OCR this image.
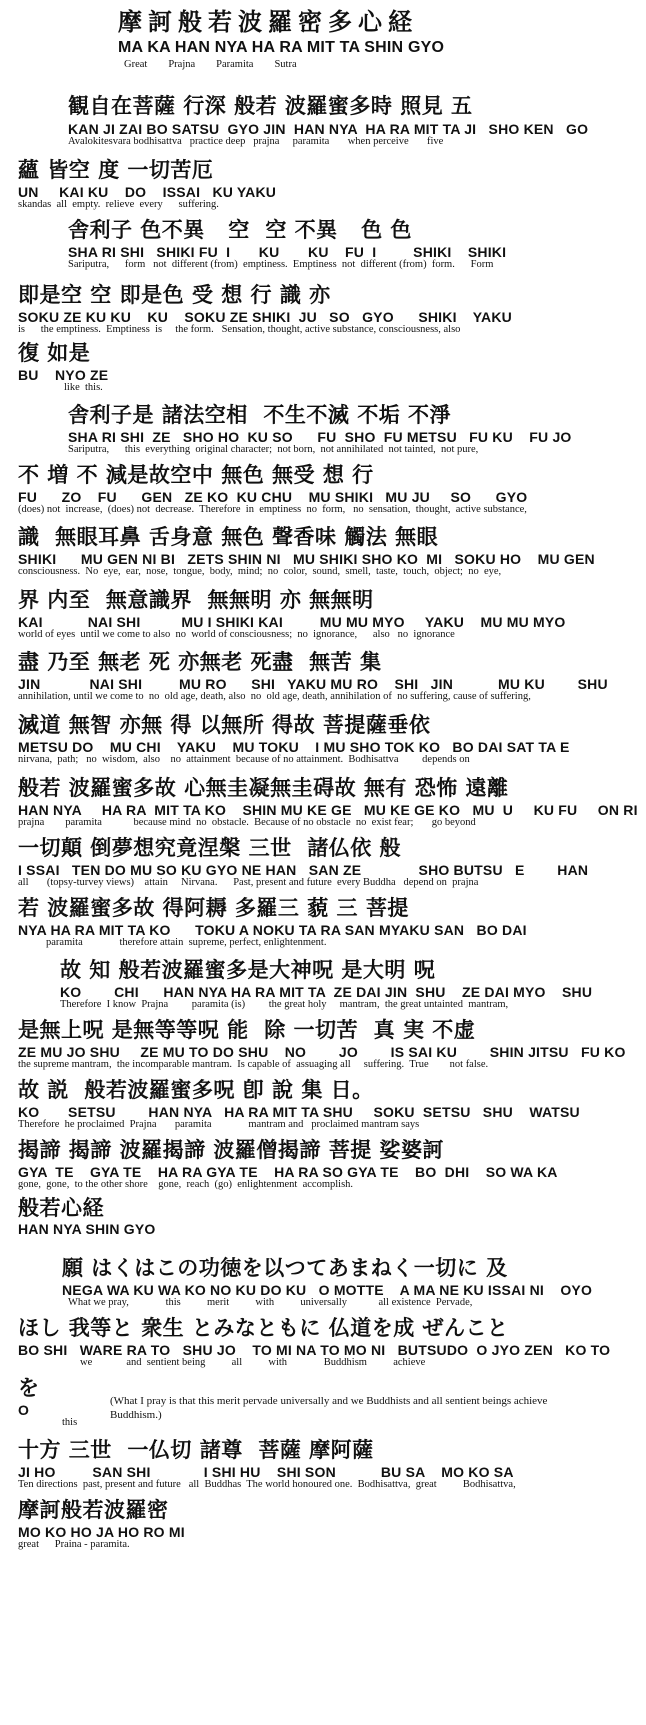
摩訶般若波羅密多心経
MA KA HAN NYA HA RA MIT TA SHIN GYO
Great        Prajna        Paramita        Sutra
観自在菩薩 行深 般若 波羅蜜多時 照見 五
KAN JI ZAI BO SATSU  GYO JIN  HAN NYA  HA RA MIT TA JI   SHO KEN   GO
Avalokitesvara bodhisattva   practice deep   prajna     paramita       when perceive       five
蘊 皆空 度 一切苦厄
UN     KAI KU    DO    ISSAI   KU YAKU
skandas  all  empty.  relieve  every      suffering.
舎利子 色不異   空  空 不異   色 色
SHA RI SHI   SHIKI FU  I       KU       KU    FU  I         SHIKI    SHIKI
Sariputra,      form   not  different (from)  emptiness.  Emptiness  not  different (from)  form.      Form
即是空 空 即是色 受 想 行 識 亦
SOKU ZE KU KU    KU    SOKU ZE SHIKI  JU   SO   GYO      SHIKI    YAKU
is      the emptiness.  Emptiness  is     the form.   Sensation, thought, active substance, consciousness, also
復 如是
BU    NYO ZE
like  this.
舎利子是 諸法空相  不生不滅 不垢 不淨
SHA RI SHI  ZE   SHO HO  KU SO      FU  SHO  FU METSU   FU KU    FU JO
Sariputra,      this  everything  original character;  not born,  not annihilated  not tainted,  not pure,
不 増 不 減是故空中 無色 無受 想 行
FU      ZO    FU      GEN   ZE KO  KU CHU    MU SHIKI   MU JU     SO      GYO
(does) not  increase,  (does) not  decrease.  Therefore  in  emptiness  no  form,   no  sensation,  thought,  active substance,
識  無眼耳鼻 舌身意 無色 聲香味 觸法 無眼
SHIKI      MU GEN NI BI   ZETS SHIN NI   MU SHIKI SHO KO  MI   SOKU HO    MU GEN
consciousness.  No  eye,  ear,  nose,  tongue,  body,  mind;  no  color,  sound,  smell,  taste,  touch,  object;  no  eye,
界 内至  無意識界  無無明 亦 無無明
KAI           NAI SHI          MU I SHIKI KAI         MU MU MYO     YAKU    MU MU MYO
world of eyes  until we come to also  no  world of consciousness;  no  ignorance,      also   no  ignorance
盡 乃至 無老 死 亦無老 死盡  無苦 集
JIN            NAI SHI         MU RO      SHI   YAKU MU RO    SHI   JIN           MU KU        SHU
annihilation, until we come to  no  old age, death, also  no  old age, death, annihilation of  no suffering, cause of suffering,
滅道 無智 亦無 得 以無所 得故 菩提薩垂依
METSU DO    MU CHI    YAKU    MU TOKU    I MU SHO TOK KO   BO DAI SAT TA E
nirvana,  path;   no  wisdom,  also    no  attainment  because of no attainment.  Bodhisattva         depends on
般若 波羅蜜多故 心無圭凝無圭碍故 無有 恐怖 遠離
HAN NYA     HA RA  MIT TA KO    SHIN MU KE GE   MU KE GE KO   MU  U     KU FU     ON RI
prajna        paramita            because mind  no  obstacle.  Because of no obstacle  no  exist fear;       go beyond
一切顛 倒夢想究竟涅槃 三世  諸仏依 般
I SSAI   TEN DO MU SO KU GYO NE HAN   SAN ZE              SHO BUTSU   E        HAN
all       (topsy-turvey views)    attain     Nirvana.      Past, present and future  every Buddha   depend on  prajna
若 波羅蜜多故 得阿耨 多羅三 藐 三 菩提
NYA HA RA MIT TA KO      TOKU A NOKU TA RA SAN MYAKU SAN   BO DAI
paramita              therefore attain  supreme, perfect, enlightenment.
故 知 般若波羅蜜多是大神呪 是大明 呪
KO        CHI      HAN NYA HA RA MIT TA  ZE DAI JIN  SHU    ZE DAI MYO    SHU
Therefore  I know  Prajna         paramita (is)         the great holy     mantram,  the great untainted  mantram,
是無上呪 是無等等呪 能  除 一切苦  真 実 不虚
ZE MU JO SHU     ZE MU TO DO SHU    NO        JO        IS SAI KU        SHIN JITSU   FU KO
the supreme mantram,  the incomparable mantram.  Is capable of  assuaging all     suffering.  True        not false.
故 説  般若波羅蜜多呪 卽 說 集 日。
KO       SETSU        HAN NYA   HA RA MIT TA SHU     SOKU  SETSU   SHU    WATSU
Therefore  he proclaimed  Prajna       paramita              mantram and   proclaimed mantram says
揭諦 揭諦 波羅揭諦 波羅僧揭諦 菩提 娑婆訶
GYA  TE    GYA TE    HA RA GYA TE    HA RA SO GYA TE    BO  DHI    SO WA KA
gone,  gone,  to the other shore    gone,  reach  (go)  enlightenment  accomplish.
般若心経
HAN NYA SHIN GYO
願 はくはこの功徳を以つてあまねく一切に 及
NEGA WA KU WA KO NO KU DO KU   O MOTTE    A MA NE KU ISSAI NI    OYO
What we pray,              this          merit          with          universally            all existence  Pervade,
ほし 我等と 衆生 とみなともに 仏道を成 ぜんこと
BO SHI   WARE RA TO   SHU JO    TO MI NA TO MO NI   BUTSUDO  O JYO ZEN   KO TO
we             and  sentient being          all          with              Buddhism          achieve
を
O
this
(What I pray is that this merit pervade universally and we Buddhists and all sentient beings achieve
Buddhism.)
十方 三世  一仏切 諸尊  菩薩 摩阿薩
JI HO         SAN SHI             I SHI HU    SHI SON           BU SA    MO KO SA
Ten directions  past, present and future   all  Buddhas  The world honoured one.  Bodhisattva,  great          Bodhisattva,
摩訶般若波羅密
MO KO HO JA HO RO MI
great      Praina - paramita.
